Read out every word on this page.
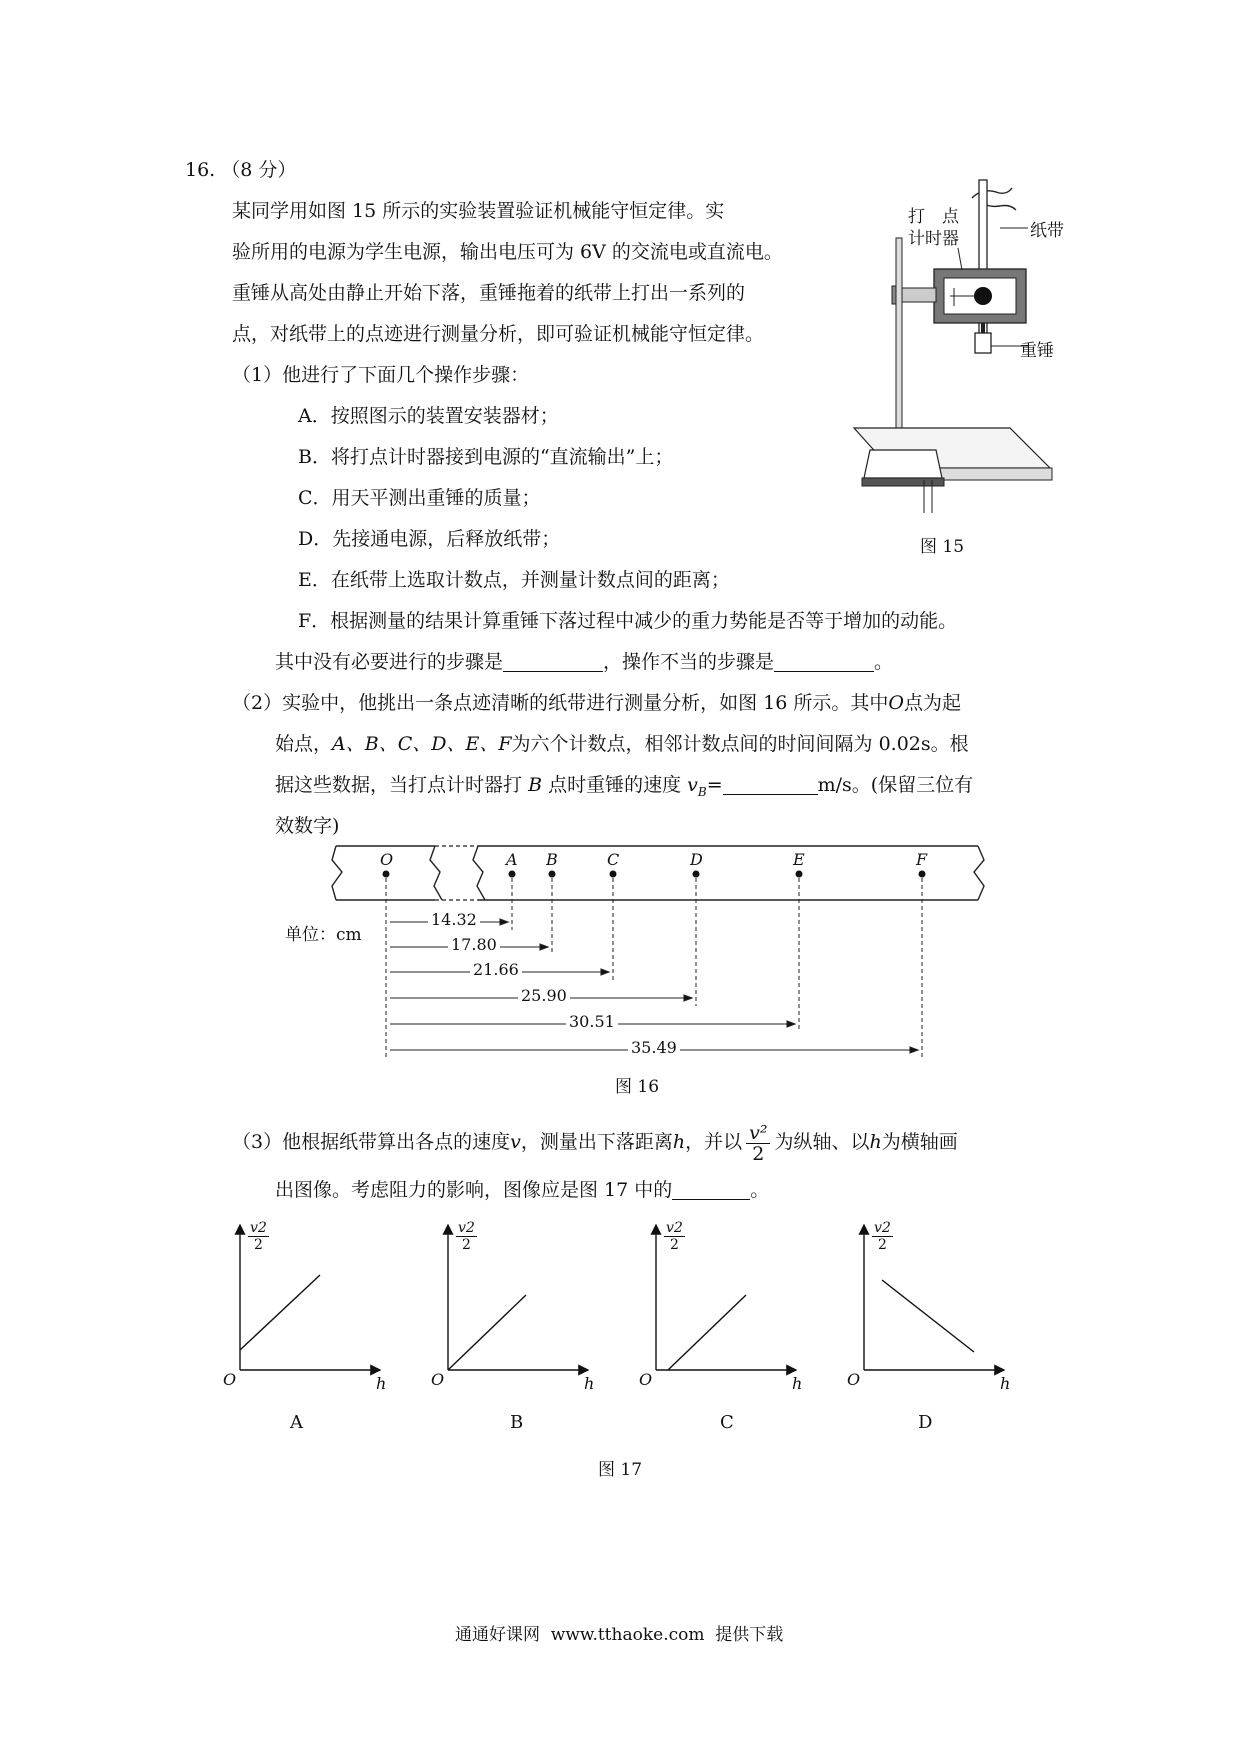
16. （8 分）
某同学用如图 15 所示的实验装置验证机械能守恒定律。实
验所用的电源为学生电源，输出电压可为 6V 的交流电或直流电。
重锤从高处由静止开始下落，重锤拖着的纸带上打出一系列的
点，对纸带上的点迹进行测量分析，即可验证机械能守恒定律。
（1）他进行了下面几个操作步骤：
A．按照图示的装置安装器材；
B．将打点计时器接到电源的“直流输出”上；
C．用天平测出重锤的质量；
D．先接通电源，后释放纸带；
E．在纸带上选取计数点，并测量计数点间的距离；
F．根据测量的结果计算重锤下落过程中减少的重力势能是否等于增加的动能。
其中没有必要进行的步骤是	，操作不当的步骤是	。
打　点
计时器	纸带
重锤
图 15
（2）实验中，他挑出一条点迹清晰的纸带进行测量分析，如图 16 所示。其中O点为起
始点，A、B、C、D、E、F为六个计数点，相邻计数点间的时间间隔为 0.02s。根
据这些数据，当打点计时器打 B 点时重锤的速度 $v_B=$	m/s。(保留三位有
效数字)
O	A B	C	D	E	F
14.32
17.80
21.66
25.90
30.51
35.49
单位：cm
图 16
（3）他根据纸带算出各点的速度v，测量出下落距离h，并以 $\frac{\text{v²}}{2}$ 为纵轴、以h为横轴画
出图像。考虑阻力的影响，图像应是图 17 中的	。
v2
2
v2
2
v2
2
v2
2
O	O	O	O
h	h	h	h
A	B	C	D
图 17
通通好课网  www.tthaoke.com  提供下载
